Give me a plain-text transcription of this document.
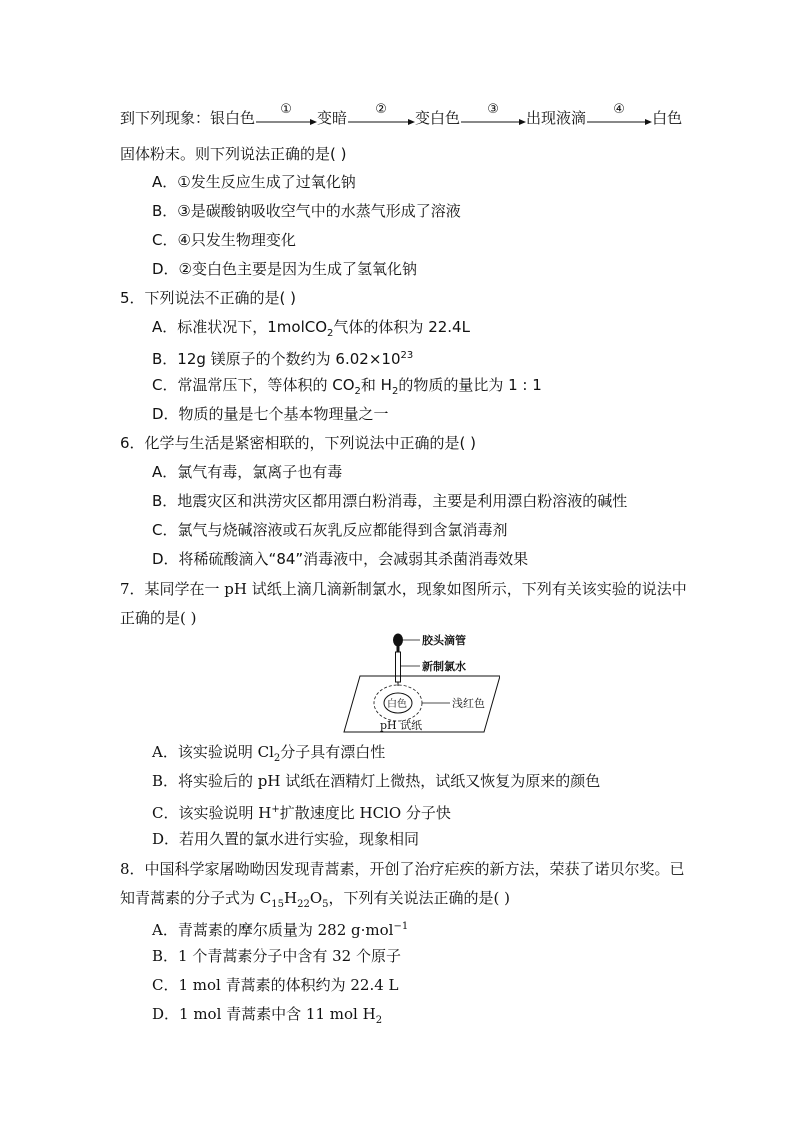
到下列现象：银白色	①	变暗	②	变白色	③	出现液滴	④	白色
固体粉末。则下列说法正确的是( )
A．①发生反应生成了过氧化钠
B．③是碳酸钠吸收空气中的水蒸气形成了溶液
C．④只发生物理变化
D．②变白色主要是因为生成了氢氧化钠
5．下列说法不正确的是( )
A．标准状况下，1molCO$_2$气体的体积为 22.4L
B．12g 镁原子的个数约为 $6.02\times 10^{23}$
C．常温常压下，等体积的 $CO_2$和 $H_2$的物质的量比为 1 : 1
D．物质的量是七个基本物理量之一
6．化学与生活是紧密相联的，下列说法中正确的是( )
A．氯气有毒，氯离子也有毒
B．地震灾区和洪涝灾区都用漂白粉消毒，主要是利用漂白粉溶液的碱性
C．氯气与烧碱溶液或石灰乳反应都能得到含氯消毒剂
D．将稀硫酸滴入“84”消毒液中，会减弱其杀菌消毒效果
7．某同学在一 pH 试纸上滴几滴新制氯水，现象如图所示，下列有关该实验的说法中
正确的是( )
胶头滴管
新制氯水
白色	浅红色
pH 试纸
A．该实验说明 $Cl_2$分子具有漂白性
B．将实验后的 pH 试纸在酒精灯上微热，试纸又恢复为原来的颜色
C．该实验说明 H+扩散速度比 HClO 分子快
D．若用久置的氯水进行实验，现象相同
8．中国科学家屠呦呦因发现青蒿素，开创了治疗疟疾的新方法，荣获了诺贝尔奖。已
知青蒿素的分子式为 $C_{15}H_{22}O_5$，下列有关说法正确的是( )
A．青蒿素的摩尔质量为 282 g·mol$^{-1}$
B．1 个青蒿素分子中含有 32 个原子
C．1 mol 青蒿素的体积约为 22.4 L
D．1 mol 青蒿素中含 11 mol $H_2$
